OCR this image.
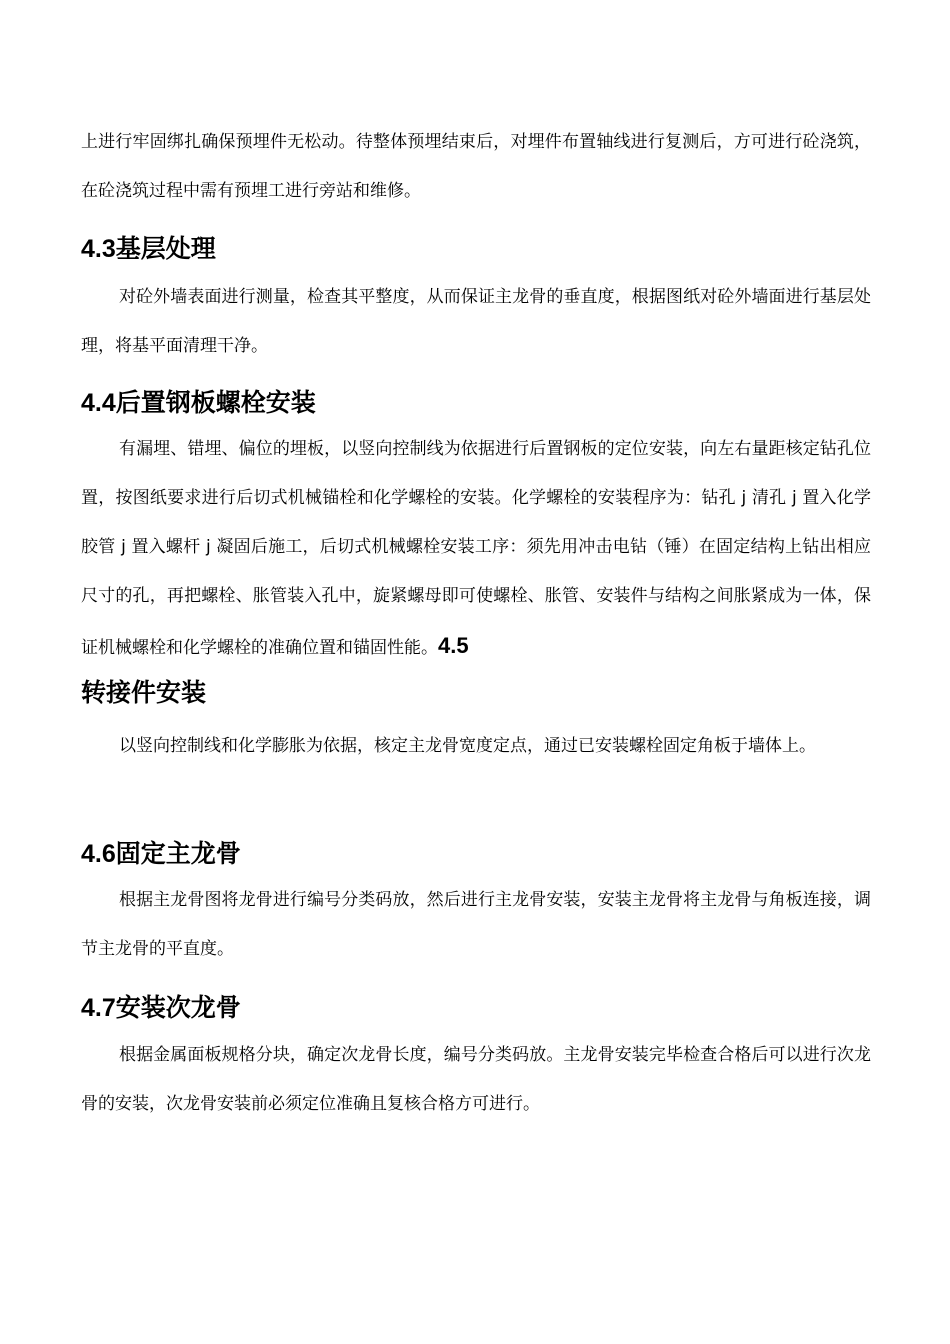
上进行牢固绑扎确保预埋件无松动。待整体预埋结束后，对埋件布置轴线进行复测后，方可进行砼浇筑，在砼浇筑过程中需有预埋工进行旁站和维修。

4.3基层处理

对砼外墙表面进行测量，检查其平整度，从而保证主龙骨的垂直度，根据图纸对砼外墙面进行基层处理，将基平面清理干净。

4.4后置钢板螺栓安装

有漏埋、错埋、偏位的埋板，以竖向控制线为依据进行后置钢板的定位安装，向左右量距核定钻孔位置，按图纸要求进行后切式机械锚栓和化学螺栓的安装。化学螺栓的安装程序为：钻孔 j 清孔 j 置入化学胶管 j 置入螺杆 j 凝固后施工，后切式机械螺栓安装工序：须先用冲击电钻（锤）在固定结构上钻出相应尺寸的孔，再把螺栓、胀管装入孔中，旋紧螺母即可使螺栓、胀管、安装件与结构之间胀紧成为一体，保证机械螺栓和化学螺栓的准确位置和锚固性能。4.5

转接件安装

以竖向控制线和化学膨胀为依据，核定主龙骨宽度定点，通过已安装螺栓固定角板于墙体上。

4.6固定主龙骨

根据主龙骨图将龙骨进行编号分类码放，然后进行主龙骨安装，安装主龙骨将主龙骨与角板连接，调节主龙骨的平直度。

4.7安装次龙骨

根据金属面板规格分块，确定次龙骨长度，编号分类码放。主龙骨安装完毕检查合格后可以进行次龙骨的安装，次龙骨安装前必须定位准确且复核合格方可进行。
